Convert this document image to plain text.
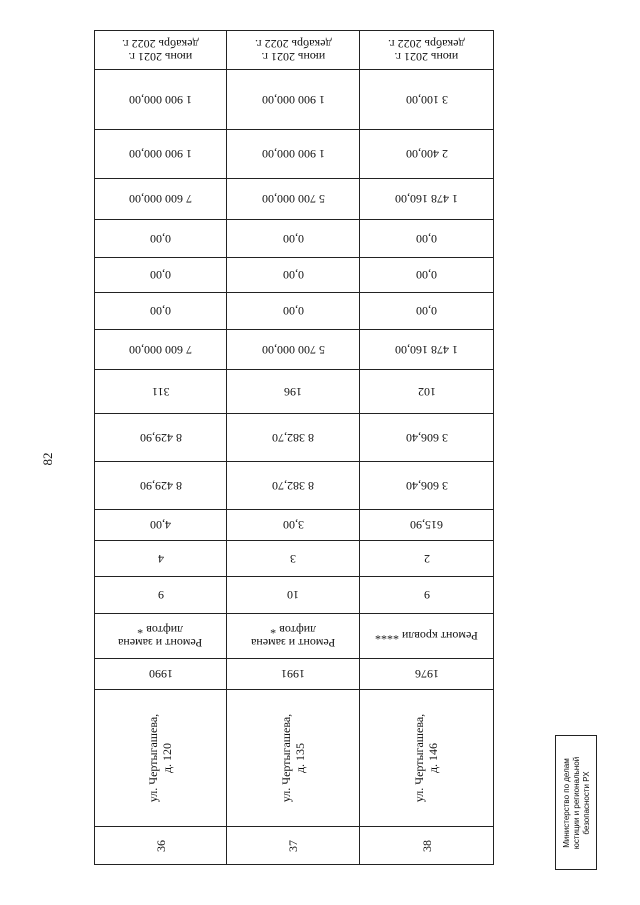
82
июнь 2021 г.
декабрь 2022 г.
1 900 000,00
1 900 000,00
7 600 000,00
0,00
0,00
0,00
7 600 000,00
311
8 429,90
8 429,90
4,00
4
9
Ремонт и замена
лифтов *
1990
ул. Чертыгашева,
д. 120
36
июнь 2021 г.
декабрь 2022 г.
1 900 000,00
1 900 000,00
5 700 000,00
0,00
0,00
0,00
5 700 000,00
196
8 382,70
8 382,70
3,00
3
10
Ремонт и замена
лифтов *
1991
ул. Чертыгашева,
д. 135
37
июнь 2021 г.
декабрь 2022 г.
3 100,00
2 400,00
1 478 160,00
0,00
0,00
0,00
1 478 160,00
102
3 606,40
3 606,40
615,90
2
9
Ремонт кровли ****
1976
ул. Чертыгашева,
д. 146
38	Министерство по делам
юстиции и региональной
безопасности РХ
